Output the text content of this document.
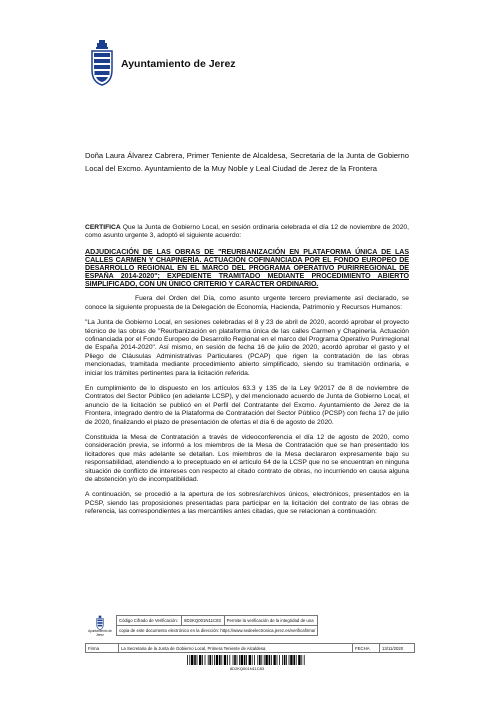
Ayuntamiento de Jerez
Doña Laura Álvarez Cabrera, Primer Teniente de Alcaldesa, Secretaria de la Junta de Gobierno Local del Excmo. Ayuntamiento de la Muy Noble y Leal Ciudad de Jerez de la Frontera

CERTIFICA Que la Junta de Gobierno Local, en sesión ordinaria celebrada el día 12 de noviembre de 2020, como asunto urgente 3, adoptó el siguiente acuerdo:

ADJUDICACIÓN DE LAS OBRAS DE "REURBANIZACIÓN EN PLATAFORMA ÚNICA DE LAS CALLES CARMEN Y CHAPINERÍA. ACTUACIÓN COFINANCIADA POR EL FONDO EUROPEO DE DESARROLLO REGIONAL EN EL MARCO DEL PROGRAMA OPERATIVO PURIRREGIONAL DE ESPAÑA 2014-2020"; EXPEDIENTE TRAMITADO MEDIANTE PROCEDIMIENTO ABIERTO SIMPLIFICADO, CON UN ÚNICO CRITERIO Y CARÁCTER ORDINARIO.

Fuera del Orden del Día, como asunto urgente tercero previamente así declarado, se conoce la siguiente propuesta de la Delegación de Economía, Hacienda, Patrimonio y Recursos Humanos:

"La Junta de Gobierno Local, en sesiones celebradas el 8 y 23 de abril de 2020, acordó aprobar el proyecto técnico de las obras de "Reurbanización en plataforma única de las calles Carmen y Chapinería. Actuación cofinanciada por el Fondo Europeo de Desarrollo Regional en el marco del Programa Operativo Purirregional de España 2014-2020". Así mismo, en sesión de fecha 16 de julio de 2020, acordó aprobar el gasto y el Pliego de Cláusulas Administrativas Particulares (PCAP) que rigen la contratación de las obras mencionadas, tramitada mediante procedimiento abierto simplificado, siendo su tramitación ordinaria, e iniciar los trámites pertinentes para la licitación referida.

En cumplimiento de lo dispuesto en los artículos 63.3 y 135 de la Ley 9/2017 de 8 de noviembre de Contratos del Sector Público (en adelante LCSP), y del mencionado acuerdo de Junta de Gobierno Local, el anuncio de la licitación se publicó en el Perfil del Contratante del Excmo. Ayuntamiento de Jerez de la Frontera, integrado dentro de la Plataforma de Contratación del Sector Público (PCSP) con fecha 17 de julio de 2020, finalizando el plazo de presentación de ofertas el día 6 de agosto de 2020.

Constituida la Mesa de Contratación a través de videoconferencia el día 12 de agosto de 2020, como consideración previa, se informó a los miembros de la Mesa de Contratación que se han presentado los licitadores que más adelante se detallan. Los miembros de la Mesa declararon expresamente bajo su responsabilidad, atendiendo a lo preceptuado en el artículo 64 de la LCSP que no se encuentran en ninguna situación de conflicto de intereses con respecto al citado contrato de obras, no incurriendo en causa alguna de abstención y/o de incompatibilidad.

A continuación, se procedió a la apertura de los sobres/archivos únicos, electrónicos, presentados en la PCSP, siendo las proposiciones presentadas para participar en la licitación del contrato de las obras de referencia, las correspondientes a las mercantiles antes citadas, que se relacionan a continuación:

Ayuntamiento de Jerez
Código Cifrado de Verificación:	8D2KQ001N11C83	Permite la verificación de la integridad de una
copia de este documento electrónico en la dirección: https://www.sedeelectronica.jerez.es/verificafirma/
Firma	La Secretaria de la Junta de Gobierno Local, Primera Teniente de Alcaldesa	FECHA	13/11/2020
8D2KQ001N11C83
